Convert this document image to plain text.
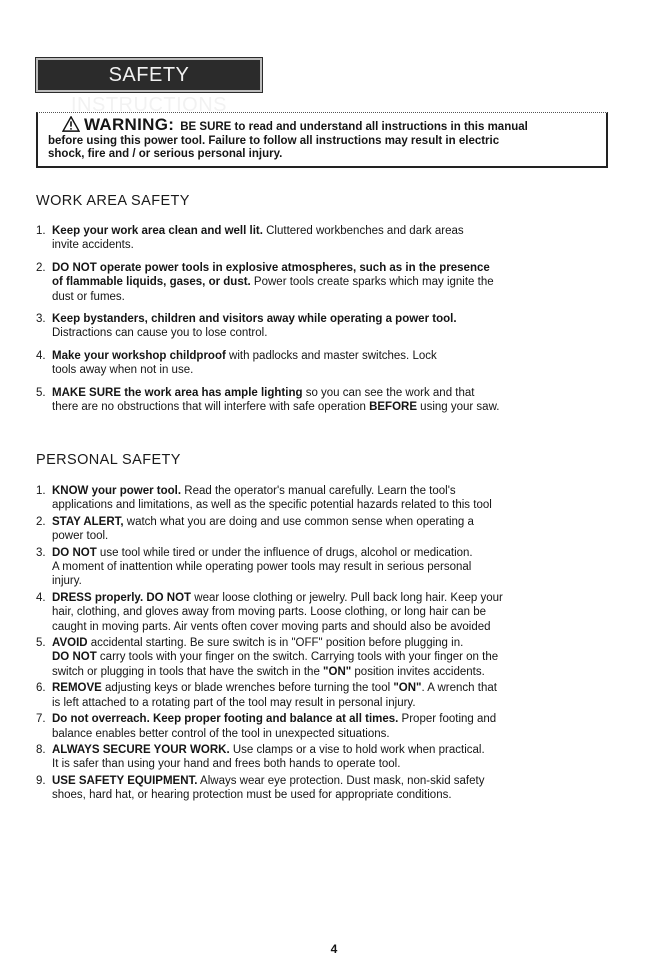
SAFETY INSTRUCTIONS
WARNING: BE SURE to read and understand all instructions in this manual
before using this power tool. Failure to follow all instructions may result in electric
shock, fire and / or serious personal injury.
WORK AREA SAFETY
1. Keep your work area clean and well lit. Cluttered workbenches and dark areas
invite accidents.
2. DO NOT operate power tools in explosive atmospheres, such as in the presence
of flammable liquids, gases, or dust. Power tools create sparks which may ignite the
dust or fumes.
3. Keep bystanders, children and visitors away while operating a power tool.
Distractions can cause you to lose control.
4. Make your workshop childproof with padlocks and master switches. Lock
tools away when not in use.
5. MAKE SURE the work area has ample lighting so you can see the work and that
there are no obstructions that will interfere with safe operation BEFORE using your saw.
PERSONAL SAFETY
1. KNOW your power tool. Read the operator's manual carefully. Learn the tool's
applications and limitations, as well as the specific potential hazards related to this tool
2. STAY ALERT, watch what you are doing and use common sense when operating a
power tool.
3. DO NOT use tool while tired or under the influence of drugs, alcohol or medication.
A moment of inattention while operating power tools may result in serious personal
injury.
4. DRESS properly. DO NOT wear loose clothing or jewelry. Pull back long hair. Keep your
hair, clothing, and gloves away from moving parts. Loose clothing, or long hair can be
caught in moving parts. Air vents often cover moving parts and should also be avoided
5. AVOID accidental starting. Be sure switch is in "OFF" position before plugging in.
DO NOT carry tools with your finger on the switch. Carrying tools with your finger on the
switch or plugging in tools that have the switch in the "ON" position invites accidents.
6. REMOVE adjusting keys or blade wrenches before turning the tool "ON". A wrench that
is left attached to a rotating part of the tool may result in personal injury.
7. Do not overreach. Keep proper footing and balance at all times. Proper footing and
balance enables better control of the tool in unexpected situations.
8. ALWAYS SECURE YOUR WORK. Use clamps or a vise to hold work when practical.
It is safer than using your hand and frees both hands to operate tool.
9. USE SAFETY EQUIPMENT. Always wear eye protection. Dust mask, non-skid safety
shoes, hard hat, or hearing protection must be used for appropriate conditions.
4
